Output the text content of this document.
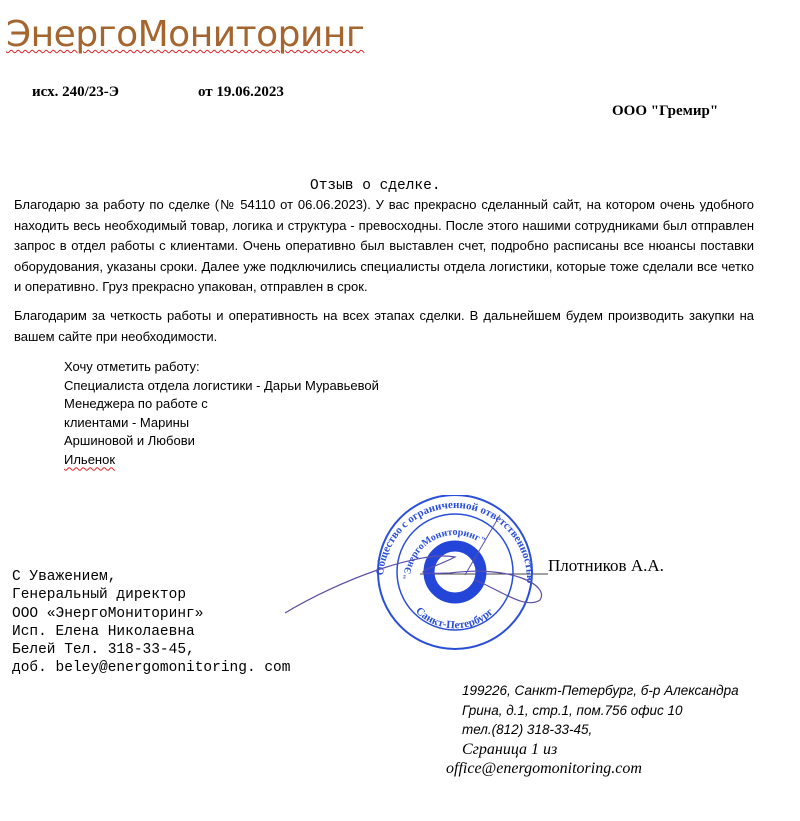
ЭнергоМониторинг
исх. 240/23-Э	от 19.06.2023
ООО "Гремир"
Отзыв о сделке.
Благодарю за работу по сделке (№ 54110 от 06.06.2023). У вас прекрасно сделанный сайт, на котором очень удобного находить весь необходимый товар, логика и структура - превосходны. После этого нашими сотрудниками был отправлен запрос в отдел работы с клиентами. Очень оперативно был выставлен счет, подробно расписаны все нюансы поставки оборудования, указаны сроки. Далее уже подключились специалисты отдела логистики, которые тоже сделали все четко и оперативно. Груз прекрасно упакован, отправлен в срок.
Благодарим за четкость работы и оперативность на всех этапах сделки. В дальнейшем будем производить закупки на вашем сайте при необходимости.
Хочу отметить работу:
Специалиста отдела логистики - Дарьи Муравьевой
Менеджера по работе с
клиентами - Марины
Аршиновой и Любови
Ильенок
С Уважением,
Генеральный директор
ООО «ЭнергоМониторинг»
Исп. Елена Николаевна
Белей Тел. 318-33-45,
доб. beley@energomonitoring. com
Общество с ограниченной ответственностью
"ЭнергоМониторинг"
Санкт-Петербург
Плотников А.А.
199226, Санкт-Петербург, б-р Александра
Грина, д.1, стр.1, пом.756 офис 10
тел.(812) 318-33-45,
Сграница 1 из
office@energomonitoring.com
